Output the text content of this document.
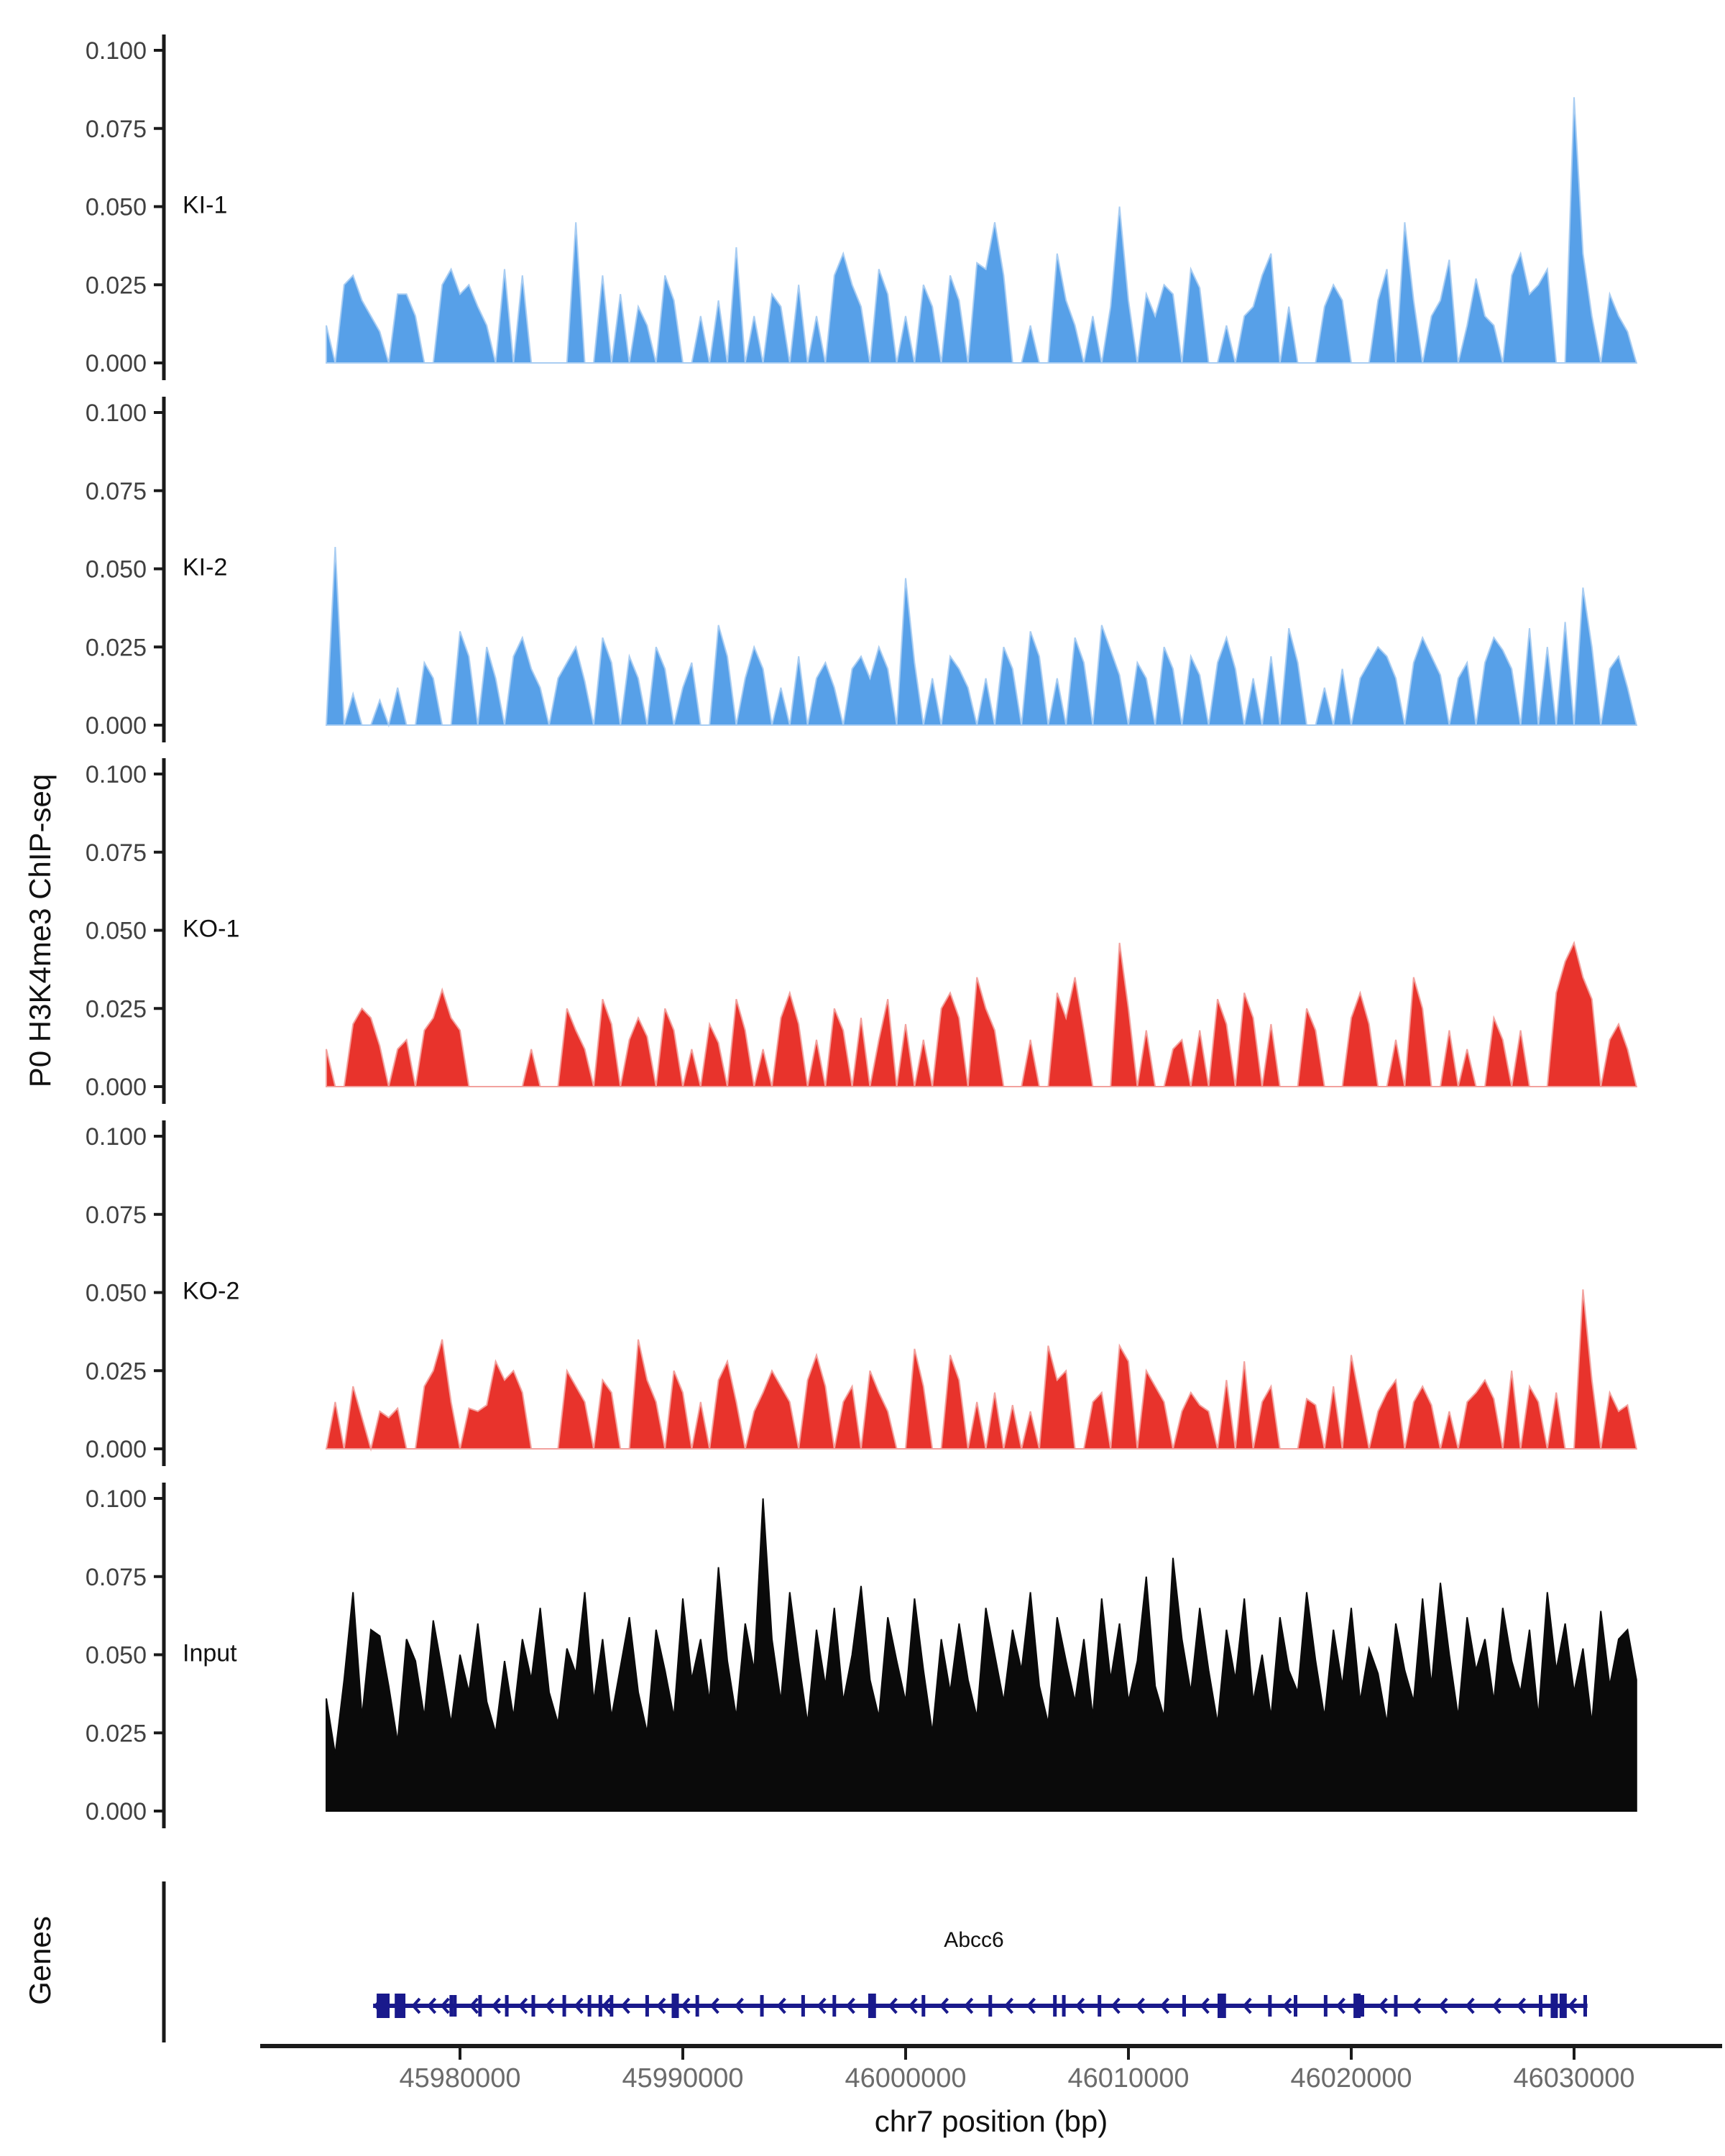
0.100
0.075
0.050
0.025
0.000
0.100
0.075
0.050
0.025
0.000
0.100
0.075
0.050
0.025
0.000
0.100
0.075
0.050
0.025
0.000
0.100
0.075
0.050
0.025
0.000
45980000	45990000	46000000	46010000	46020000	46030000
P0 H3K4me3 ChIP-seq
KI-1
KI-2
KO-1
KO-2
Input
Genes	Abcc6
chr7 position (bp)
